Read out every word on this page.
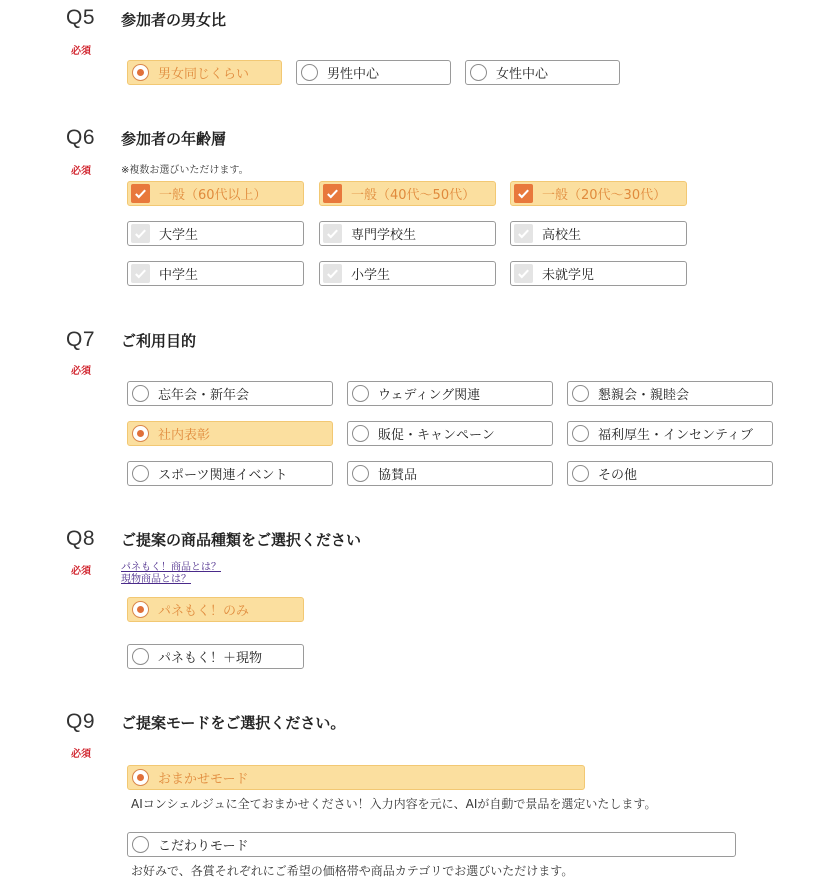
Q5 参加者の男女比
必須
男女同じくらい	男性中心	女性中心
Q6 参加者の年齢層
必須	※複数お選びいただけます。
一般（60代以上）	一般（40代〜50代）	一般（20代〜30代）
大学生	専門学校生	高校生
中学生	小学生	未就学児
Q7 ご利用目的
必須
忘年会・新年会	ウェディング関連	懇親会・親睦会
社内表彰	販促・キャンペーン	福利厚生・インセンティブ
スポーツ関連イベント	協賛品	その他
Q8 ご提案の商品種類をご選択ください
必須	パネもく！商品とは？
現物商品とは？
パネもく！のみ
パネもく！＋現物
Q9 ご提案モードをご選択ください。
必須
おまかせモード
AIコンシェルジュに全ておまかせください！入力内容を元に、AIが自動で景品を選定いたします。
こだわりモード
お好みで、各賞それぞれにご希望の価格帯や商品カテゴリでお選びいただけます。
